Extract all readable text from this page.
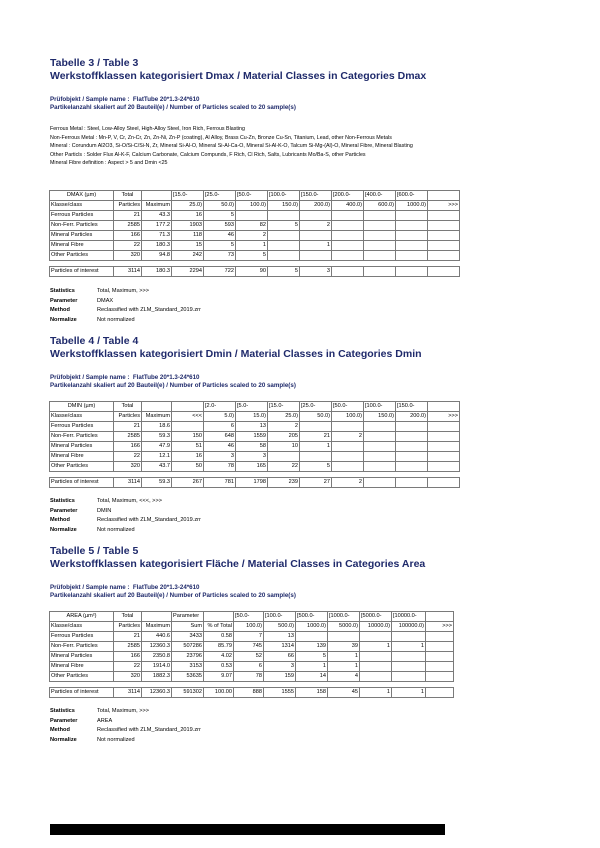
Tabelle 3 / Table 3
Werkstoffklassen kategorisiert Dmax / Material Classes in Categories Dmax
Prüfobjekt / Sample name : FlatTube 20*1.3-24*610
Partikelanzahl skaliert auf 20 Bauteil(e) / Number of Particles scaled to 20 sample(s)
Ferrous Metal : Steel, Low-Alloy Steel, High-Alloy Steel, Iron Rich, Ferrous Blasting
Non-Ferrous Metal : Mn-P, V, Cr, Zn-Cr, Zn, Zn-Ni, Zn-P (coating), Al Alloy, Brass Cu-Zn, Bronze Cu-Sn, Titanium, Lead, other Non-Ferrous Metals
Mineral : Corundum Al2O3, Si-O/Si-C/Si-N, Zr, Mineral Si-Al-O, Mineral Si-Al-Ca-O, Mineral Si-Al-K-O, Talcum Si-Mg-(Al)-O, Mineral Fibre, Mineral Blasting
Other Particls : Solder Flux Al-K-F, Calcium Carbonate, Calcium Compunds, F Rich, Cl Rich, Salts, Lubricants Mo/Ba-S, other Particles
Mineral Fibre definition : Aspect > 5 and Dmin <25
DMAX (µm)	Total		[15.0-	[25.0-	[50.0-	[100.0-	[150.0-	[200.0-	[400.0-	[600.0-	
Klasse/class	Particles	Maximum	25.0)	50.0)	100.0)	150.0)	200.0)	400.0)	600.0)	1000.0)	>>>
Ferrous Particles	21	43.3	16	5							
Non-Ferr. Particles	2585	177.2	1903	593	82	5	2				
Mineral Particles	166	71.3	118	46	2						
Mineral Fibre	22	180.3	15	5	1		1				
Other Particles	320	94.8	242	73	5						

Particles of interest	3114	180.3	2294	722	90	5	3				
Statistics	Total, Maximum, >>>
Parameter	DMAX
Method	Reclassified with ZLM_Standard_2019.zrr
Normalize	Not normalized
Tabelle 4 / Table 4
Werkstoffklassen kategorisiert Dmin / Material Classes in Categories Dmin
Prüfobjekt / Sample name : FlatTube 20*1.3-24*610
Partikelanzahl skaliert auf 20 Bauteil(e) / Number of Particles scaled to 20 sample(s)
DMIN (µm)	Total			[2.0-	[5.0-	[15.0-	[25.0-	[50.0-	[100.0-	[150.0-	
Klasse/class	Particles	Maximum	<<<	5.0)	15.0)	25.0)	50.0)	100.0)	150.0)	200.0)	>>>
Ferrous Particles	21	18.6		6	13	2					
Non-Ferr. Particles	2585	59.3	150	648	1559	205	21	2			
Mineral Particles	166	47.9	51	46	58	10	1				
Mineral Fibre	22	12.1	16	3	3						
Other Particles	320	43.7	50	78	165	22	5				

Particles of interest	3114	59.3	267	781	1798	239	27	2			
Statistics	Total, Maximum, <<<, >>>
Parameter	DMIN
Method	Reclassified with ZLM_Standard_2019.zrr
Normalize	Not normalized
Tabelle 5 / Table 5
Werkstoffklassen kategorisiert Fläche / Material Classes in Categories Area
Prüfobjekt / Sample name : FlatTube 20*1.3-24*610
Partikelanzahl skaliert auf 20 Bauteil(e) / Number of Particles scaled to 20 sample(s)
AREA (µm²)	Total		Parameter		[50.0-	[100.0-	[500.0-	[1000.0-	[5000.0-	[10000.0-	
Klasse/class	Particles	Maximum	Sum	% of Total	100.0)	500.0)	1000.0)	5000.0)	10000.0)	100000.0)	>>>
Ferrous Particles	21	440.6	3433	0.58	7	13					
Non-Ferr. Particles	2585	12360.3	507286	85.79	745	1314	139	39	1	1	
Mineral Particles	166	2350.8	23796	4.02	52	66	5	1			
Mineral Fibre	22	1914.0	3153	0.53	6	3	1	1			
Other Particles	320	1882.3	53635	9.07	78	159	14	4			

Particles of interest	3114	12360.3	591302	100.00	888	1555	158	45	1	1	
Statistics	Total, Maximum, >>>
Parameter	AREA
Method	Reclassified with ZLM_Standard_2019.zrr
Normalize	Not normalized
